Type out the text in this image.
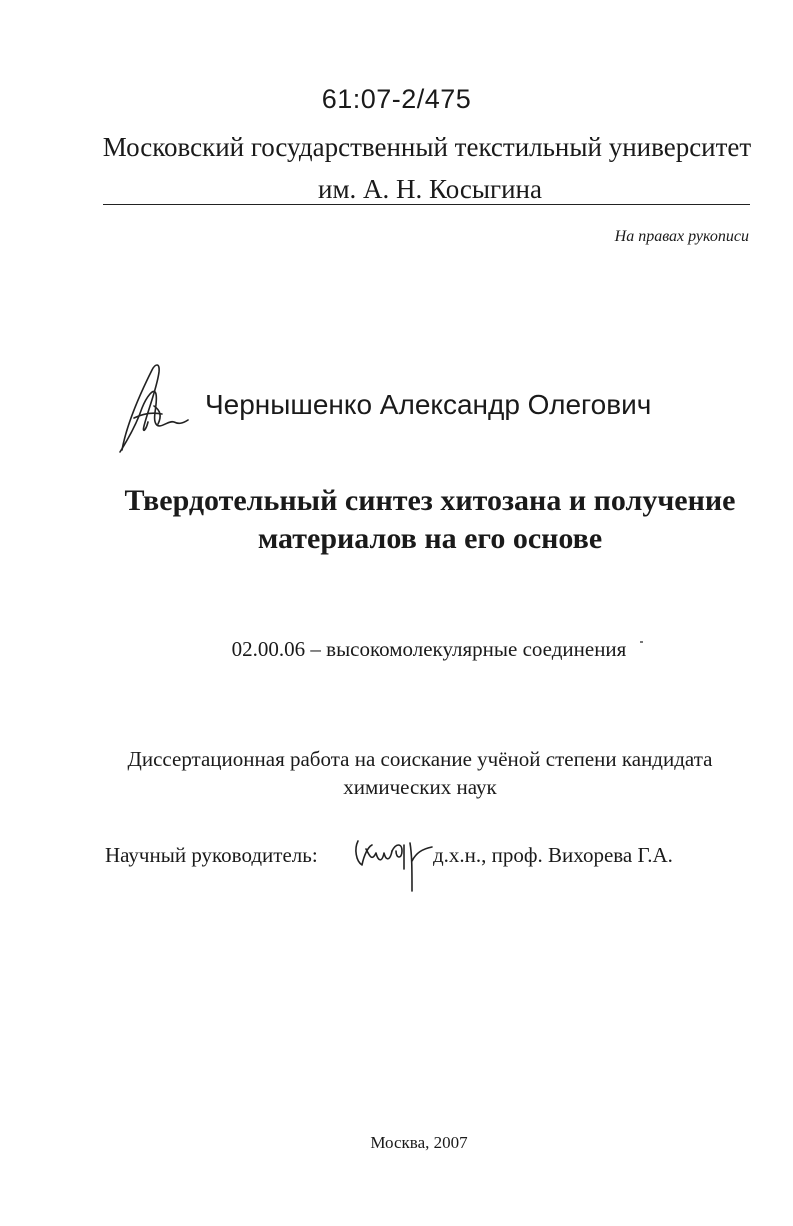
61:07-2/475
Московский государственный текстильный университет
им. А. Н. Косыгина
На правах рукописи
Чернышенко Александр Олегович
Твердотельный синтез хитозана и получение
материалов на его основе
02.00.06 – высокомолекулярные соединения
Диссертационная работа на соискание учёной степени кандидата
химических наук
Научный руководитель:	д.х.н., проф. Вихорева Г.А.
Москва, 2007
